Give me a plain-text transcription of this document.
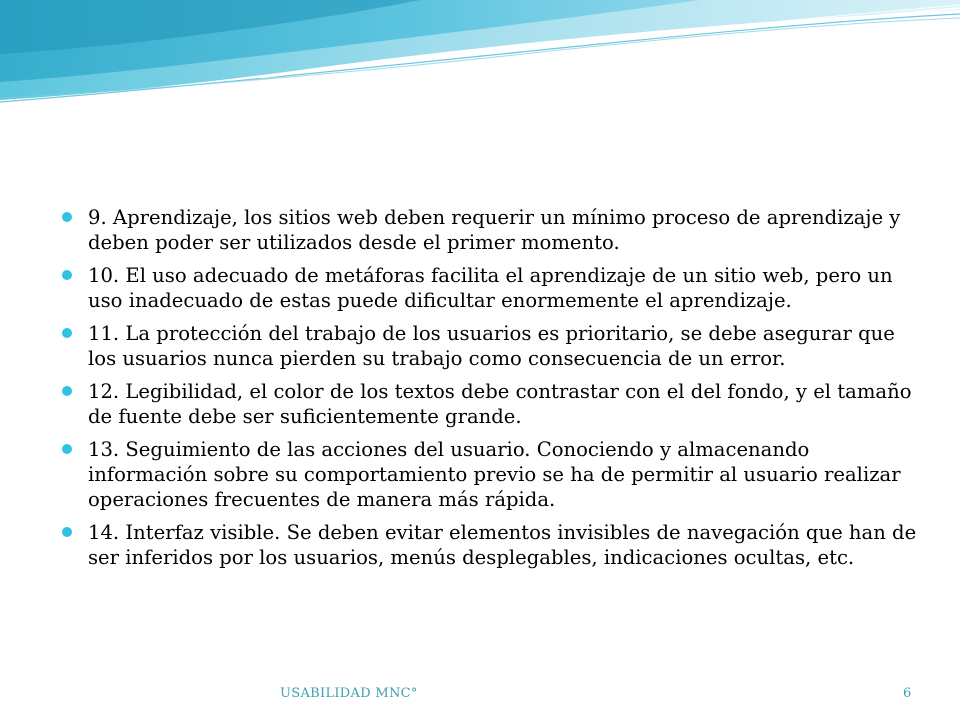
9. Aprendizaje, los sitios web deben requerir un mínimo proceso de aprendizaje y deben poder ser utilizados desde el primer momento.
10. El uso adecuado de metáforas facilita el aprendizaje de un sitio web, pero un uso inadecuado de estas puede dificultar enormemente el aprendizaje.
11. La protección del trabajo de los usuarios es prioritario, se debe asegurar que los usuarios nunca pierden su trabajo como consecuencia de un error.
12. Legibilidad, el color de los textos debe contrastar con el del fondo, y el tamaño de fuente debe ser suficientemente grande.
13. Seguimiento de las acciones del usuario. Conociendo y almacenando información sobre su comportamiento previo se ha de permitir al usuario realizar operaciones frecuentes de manera más rápida.
14. Interfaz visible. Se deben evitar elementos invisibles de navegación que han de ser inferidos por los usuarios, menús desplegables, indicaciones ocultas, etc.
USABILIDAD MNC°	6
